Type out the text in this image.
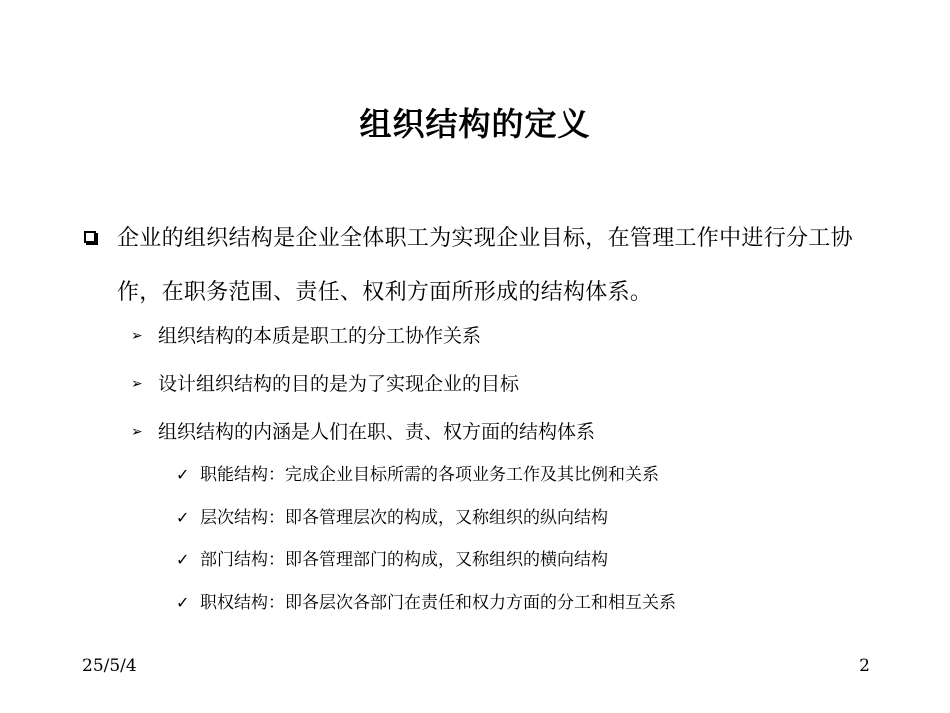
组织结构的定义
企业的组织结构是企业全体职工为实现企业目标，在管理工作中进行分工协作，在职务范围、责任、权利方面所形成的结构体系。
➢ 组织结构的本质是职工的分工协作关系
➢ 设计组织结构的目的是为了实现企业的目标
➢ 组织结构的内涵是人们在职、责、权方面的结构体系
✓ 职能结构：完成企业目标所需的各项业务工作及其比例和关系
✓ 层次结构：即各管理层次的构成，又称组织的纵向结构
✓ 部门结构：即各管理部门的构成，又称组织的横向结构
✓ 职权结构：即各层次各部门在责任和权力方面的分工和相互关系
25/5/4	2
